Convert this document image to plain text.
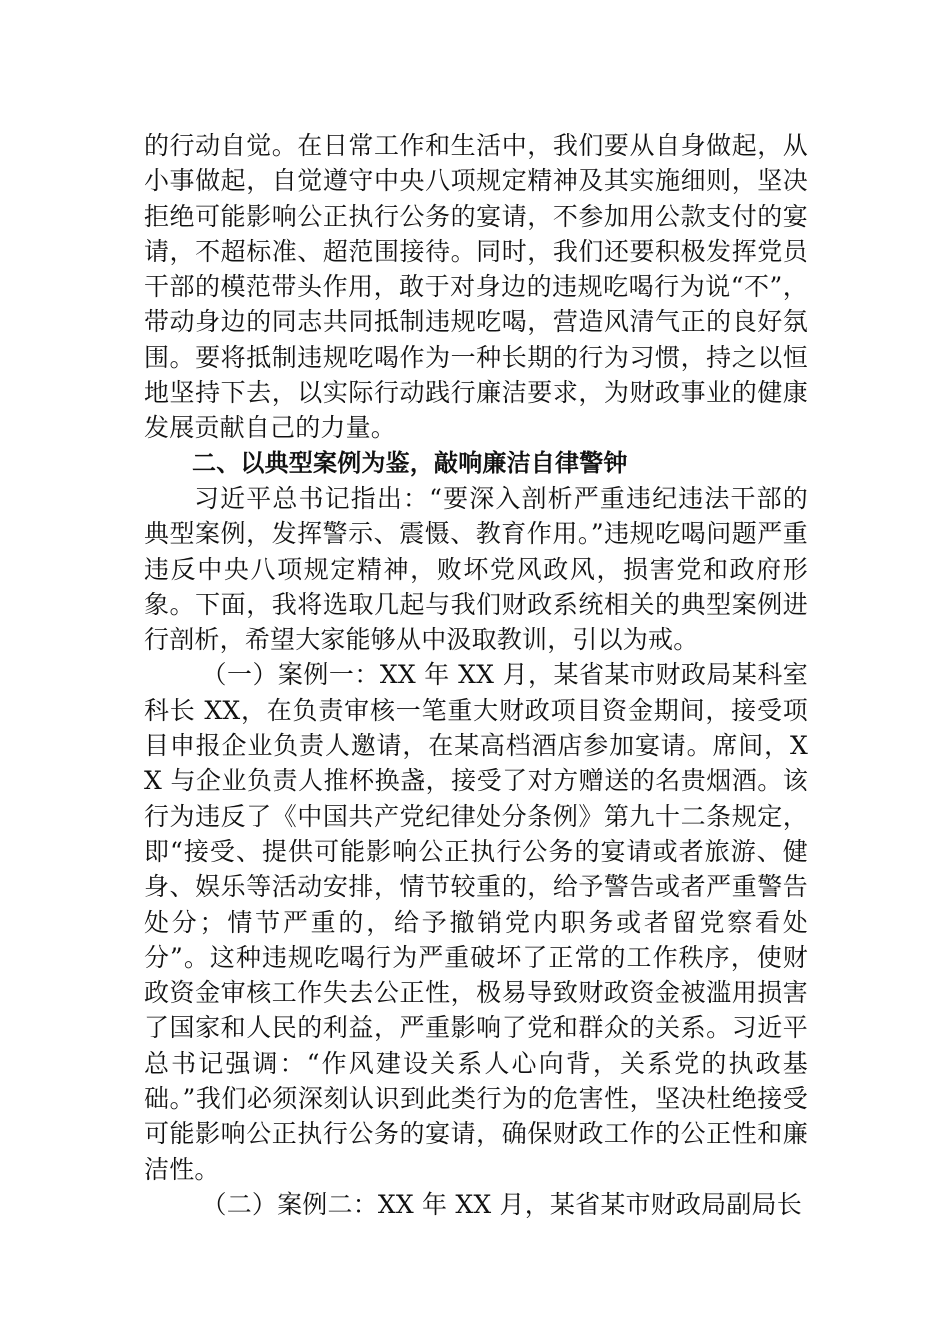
的行动自觉。在日常工作和生活中，我们要从自身做起，从小事做起，自觉遵守中央八项规定精神及其实施细则，坚决拒绝可能影响公正执行公务的宴请，不参加用公款支付的宴请，不超标准、超范围接待。同时，我们还要积极发挥党员干部的模范带头作用，敢于对身边的违规吃喝行为说“不”，带动身边的同志共同抵制违规吃喝，营造风清气正的良好氛围。要将抵制违规吃喝作为一种长期的行为习惯，持之以恒地坚持下去，以实际行动践行廉洁要求，为财政事业的健康发展贡献自己的力量。

二、以典型案例为鉴，敲响廉洁自律警钟

习近平总书记指出：“要深入剖析严重违纪违法干部的典型案例，发挥警示、震慑、教育作用。”违规吃喝问题严重违反中央八项规定精神，败坏党风政风，损害党和政府形象。下面，我将选取几起与我们财政系统相关的典型案例进行剖析，希望大家能够从中汲取教训，引以为戒。

（一）案例一：XX 年 XX 月，某省某市财政局某科室科长 XX，在负责审核一笔重大财政项目资金期间，接受项目申报企业负责人邀请，在某高档酒店参加宴请。席间，XX 与企业负责人推杯换盏，接受了对方赠送的名贵烟酒。该行为违反了《中国共产党纪律处分条例》第九十二条规定，即“接受、提供可能影响公正执行公务的宴请或者旅游、健身、娱乐等活动安排，情节较重的，给予警告或者严重警告处分；情节严重的，给予撤销党内职务或者留党察看处分”。这种违规吃喝行为严重破坏了正常的工作秩序，使财政资金审核工作失去公正性，极易导致财政资金被滥用损害了国家和人民的利益，严重影响了党和群众的关系。习近平总书记强调：“作风建设关系人心向背，关系党的执政基础。”我们必须深刻认识到此类行为的危害性，坚决杜绝接受可能影响公正执行公务的宴请，确保财政工作的公正性和廉洁性。

（二）案例二：XX 年 XX 月，某省某市财政局副局长
